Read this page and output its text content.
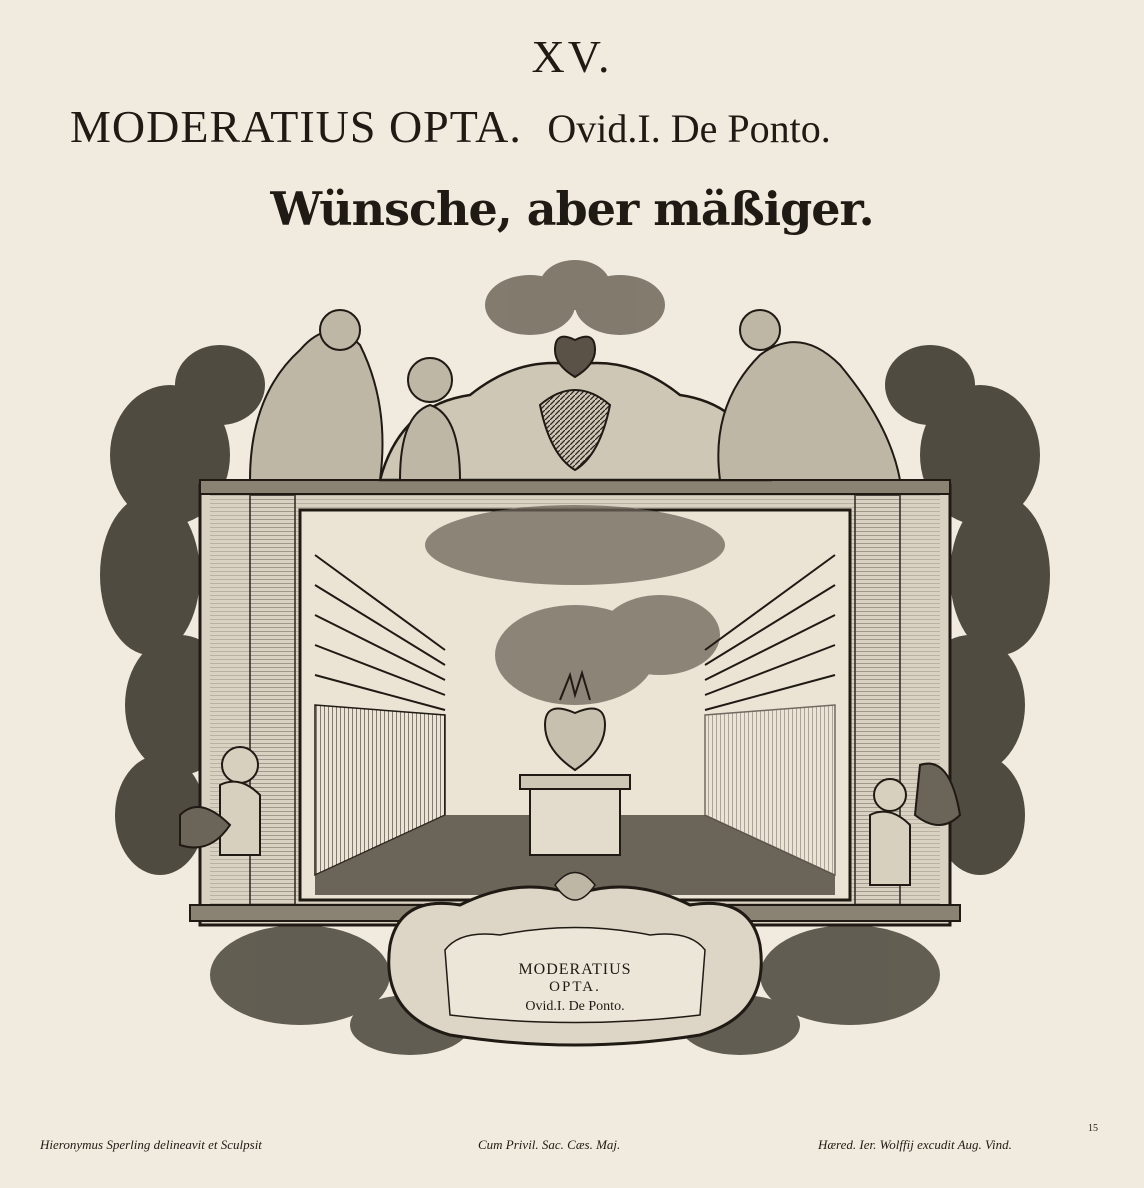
XV.
MODERATIUS OPTA. Ovid.I. De Ponto.
Wünsche, aber mäßiger.
MODERATIUS
OPTA.
Ovid.I. De Ponto.
Hieronymus Sperling delineavit et Sculpsit	Cum Privil. Sac. Cæs. Maj.	Hæred. Ier. Wolffij excudit Aug. Vind.
15
